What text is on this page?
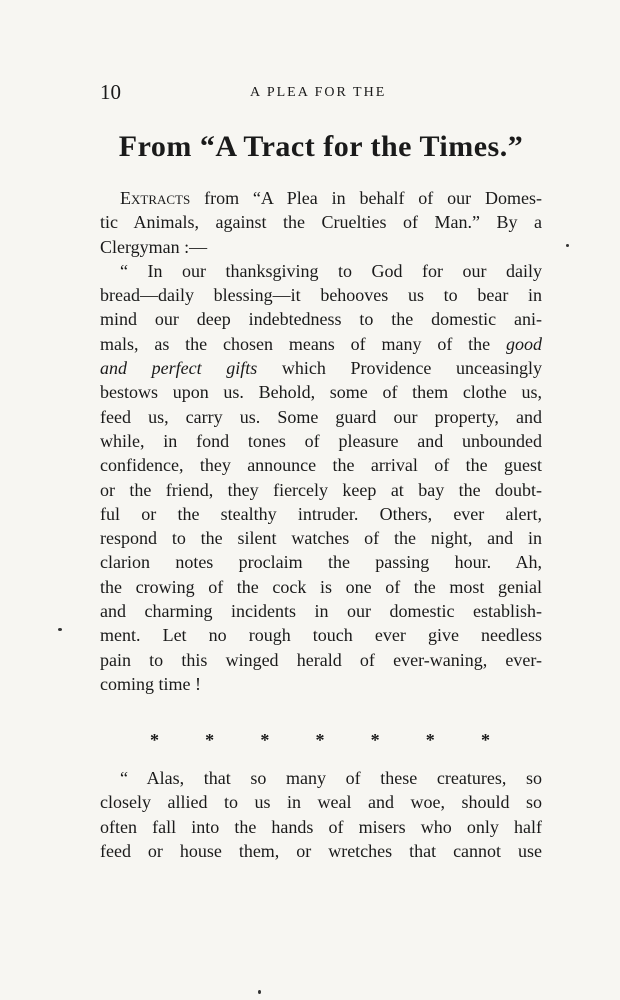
10	A PLEA FOR THE
From “A Tract for the Times.”
Extracts from “A Plea in behalf of our Domes-
tic Animals, against the Cruelties of Man.” By a
Clergyman :—
“ In our thanksgiving to God for our daily
bread—daily blessing—it behooves us to bear in
mind our deep indebtedness to the domestic ani-
mals, as the chosen means of many of the good
and perfect gifts which Providence unceasingly
bestows upon us. Behold, some of them clothe us,
feed us, carry us. Some guard our property, and
while, in fond tones of pleasure and unbounded
confidence, they announce the arrival of the guest
or the friend, they fiercely keep at bay the doubt-
ful or the stealthy intruder. Others, ever alert,
respond to the silent watches of the night, and in
clarion notes proclaim the passing hour. Ah,
the crowing of the cock is one of the most genial
and charming incidents in our domestic establish-
ment. Let no rough touch ever give needless
pain to this winged herald of ever-waning, ever-
coming time !
*	*	*	*	*	*	*
“ Alas, that so many of these creatures, so
closely allied to us in weal and woe, should so
often fall into the hands of misers who only half
feed or house them, or wretches that cannot use
